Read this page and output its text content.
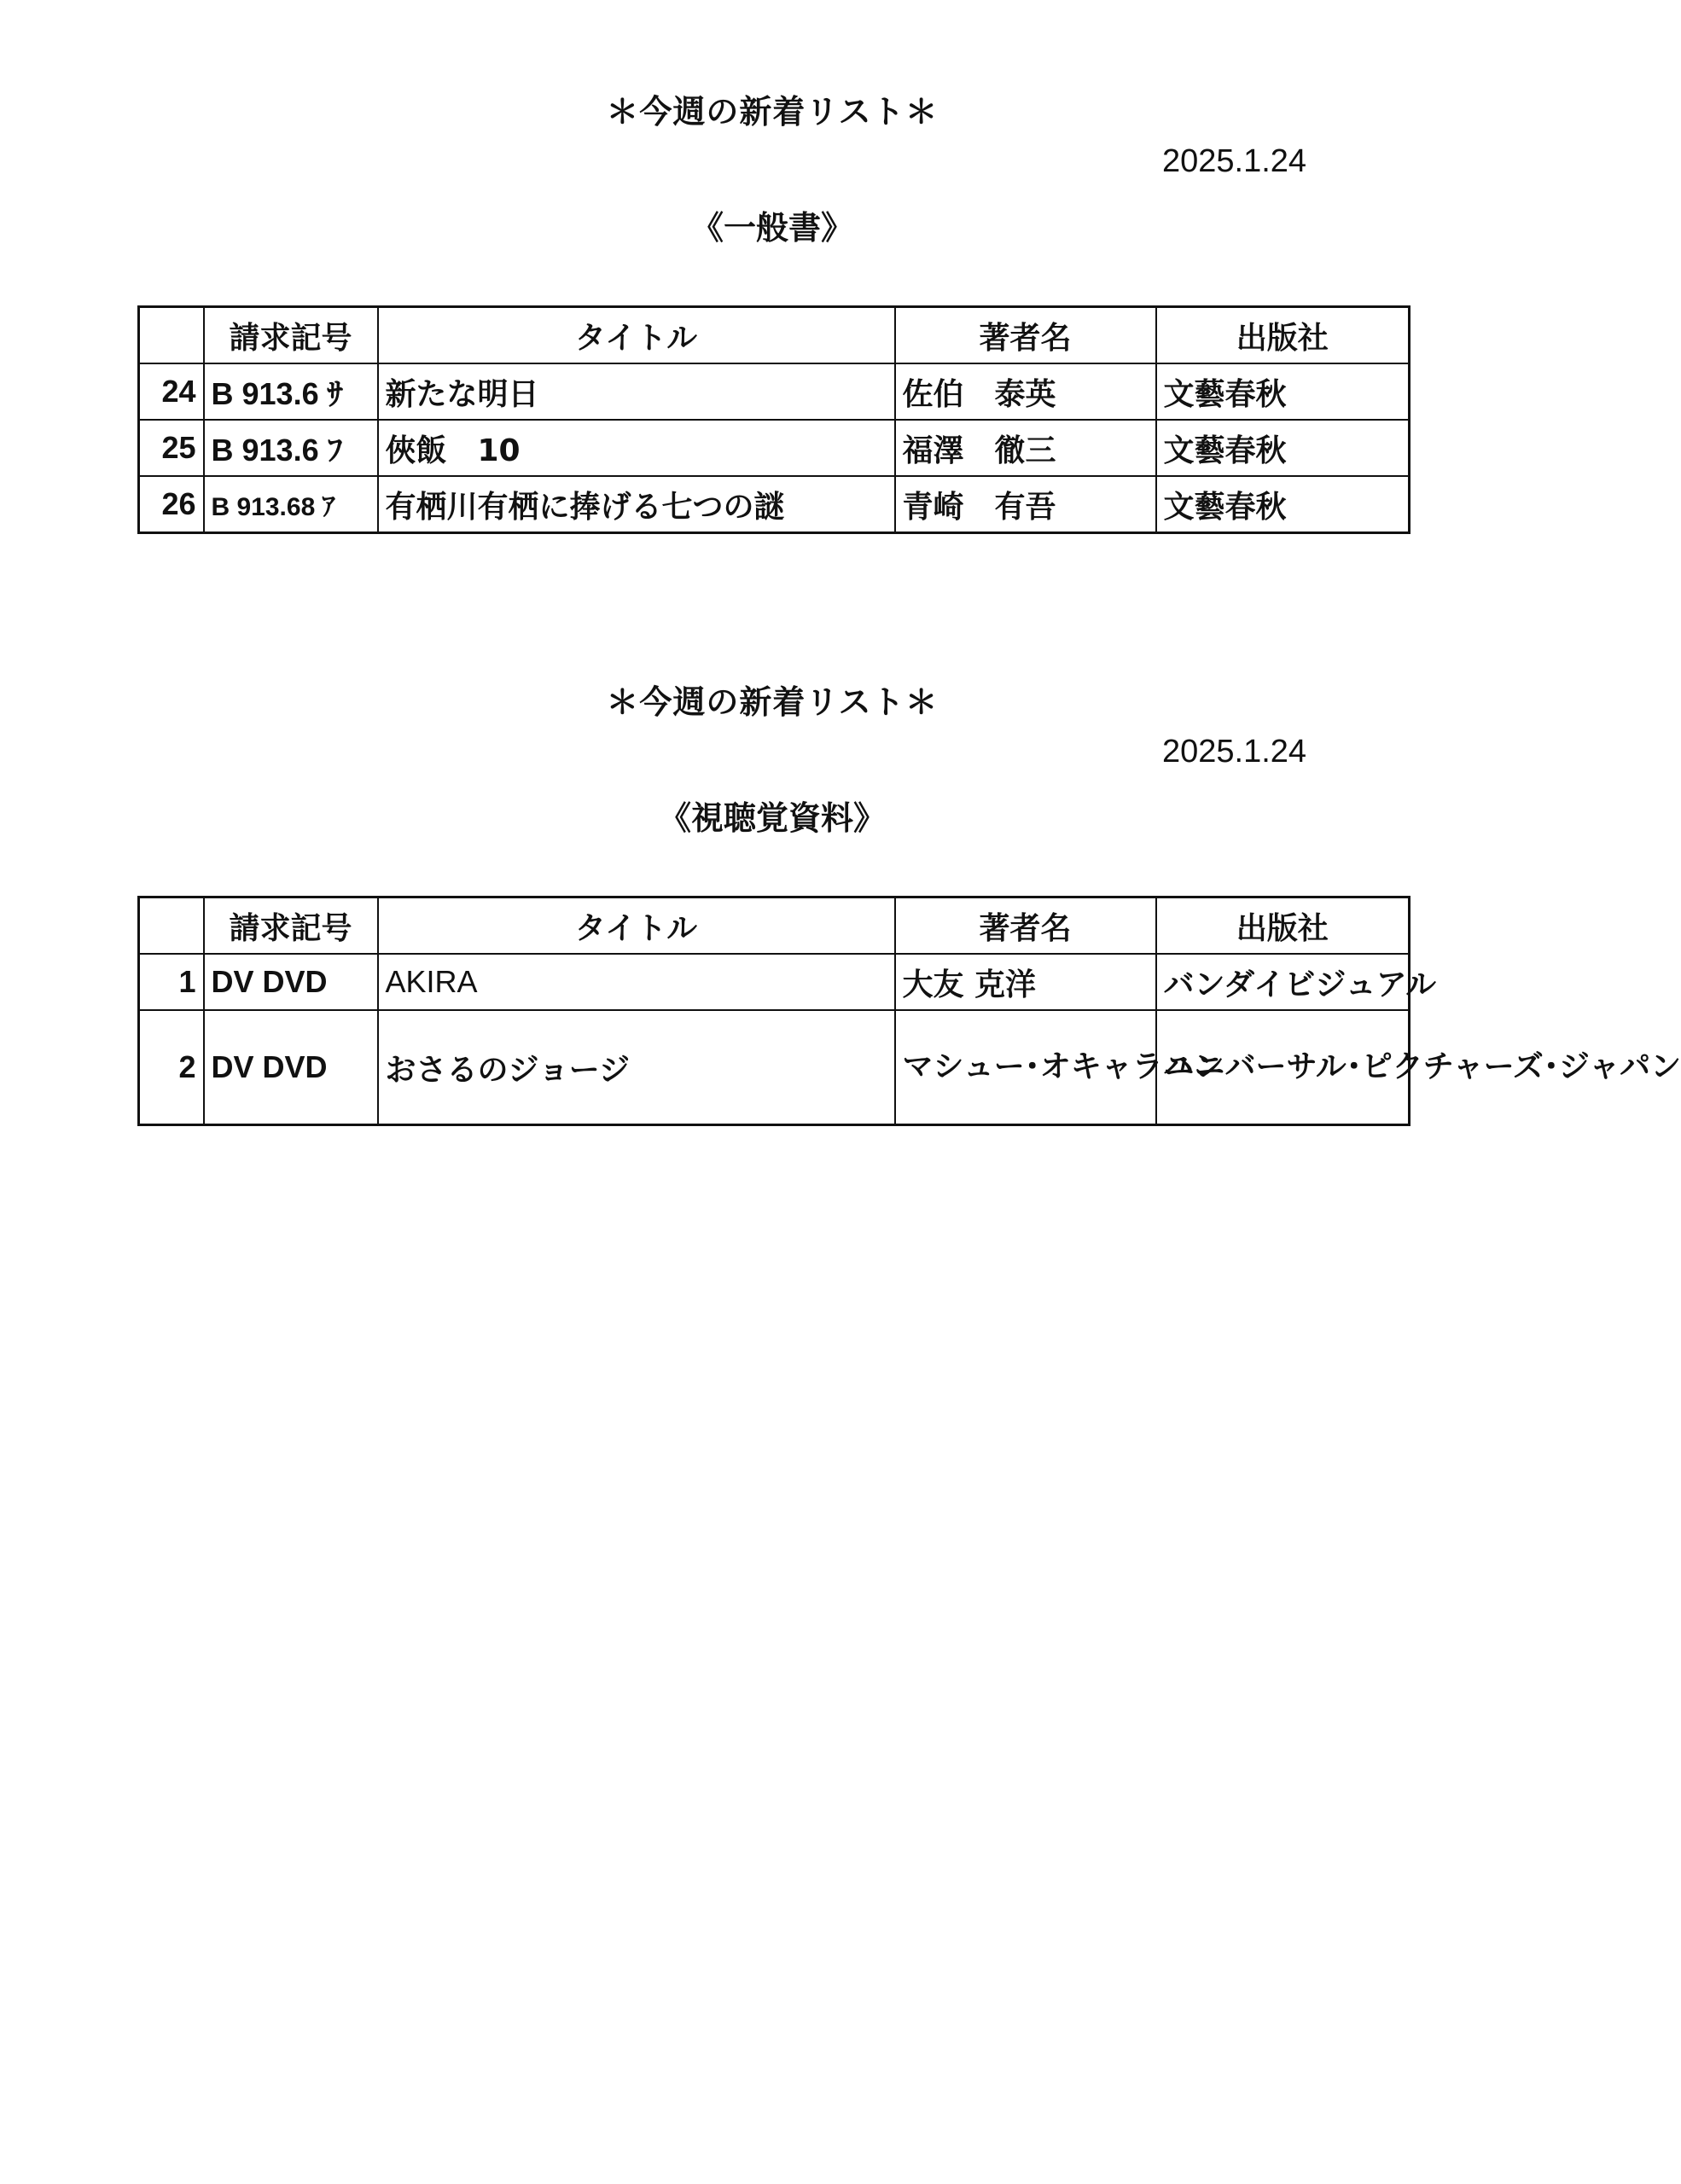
＊今週の新着リスト＊
2025.1.24
《一般書》
	請求記号	タイトル	著者名	出版社
24	B 913.6 ｻ	新たな明日	佐伯　泰英	文藝春秋
25	B 913.6 ﾌ	俠飯　10	福澤　徹三	文藝春秋
26	B 913.68 ｱ	有栖川有栖に捧げる七つの謎	青崎　有吾	文藝春秋
＊今週の新着リスト＊
2025.1.24
《視聴覚資料》
	請求記号	タイトル	著者名	出版社
1	DV DVD	AKIRA	大友 克洋	バンダイビジュアル
2	DV DVD	おさるのジョージ	マシュー･オキャラハン	ユニバーサル･ピクチャーズ･ジャパン
